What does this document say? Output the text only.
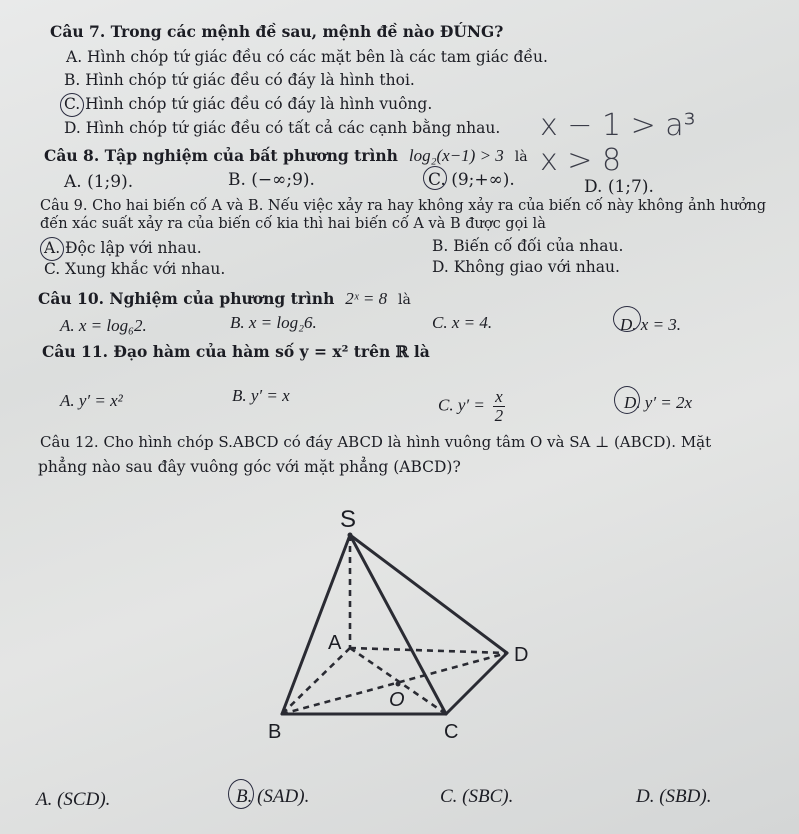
Câu 7. Trong các mệnh đề sau, mệnh đề nào ĐÚNG?
A. Hình chóp tứ giác đều có các mặt bên là các tam giác đều.
B. Hình chóp tứ giác đều có đáy là hình thoi.
C. Hình chóp tứ giác đều có đáy là hình vuông.
D. Hình chóp tứ giác đều có tất cả các cạnh bằng nhau.
Câu 8. Tập nghiệm của bất phương trình log₂(x−1) > 3 là
A. (1;9).	B. (−∞;9).	C. (9;+∞).	D. (1;7).
x − 1 > a³
x > 8
Câu 9. Cho hai biến cố A và B. Nếu việc xảy ra hay không xảy ra của biến cố này không ảnh hưởng
đến xác suất xảy ra của biến cố kia thì hai biến cố A và B được gọi là
A. Độc lập với nhau.	B. Biến cố đối của nhau.
C. Xung khắc với nhau.	D. Không giao với nhau.
Câu 10. Nghiệm của phương trình 2ˣ = 8 là
A. x = log₆2.	B. x = log₂6.	C. x = 4.	D. x = 3.
Câu 11. Đạo hàm của hàm số y = x² trên ℝ là
A. y′ = x²	B. y′ = x	C. $y' = \frac{x}{2}$	D. y′ = 2x
Câu 12. Cho hình chóp S.ABCD có đáy ABCD là hình vuông tâm O và SA ⊥ (ABCD). Mặt
phẳng nào sau đây vuông góc với mặt phẳng (ABCD)?
S
A
B	C
D
O
A. (SCD).	B. (SAD).	C. (SBC).	D. (SBD).
